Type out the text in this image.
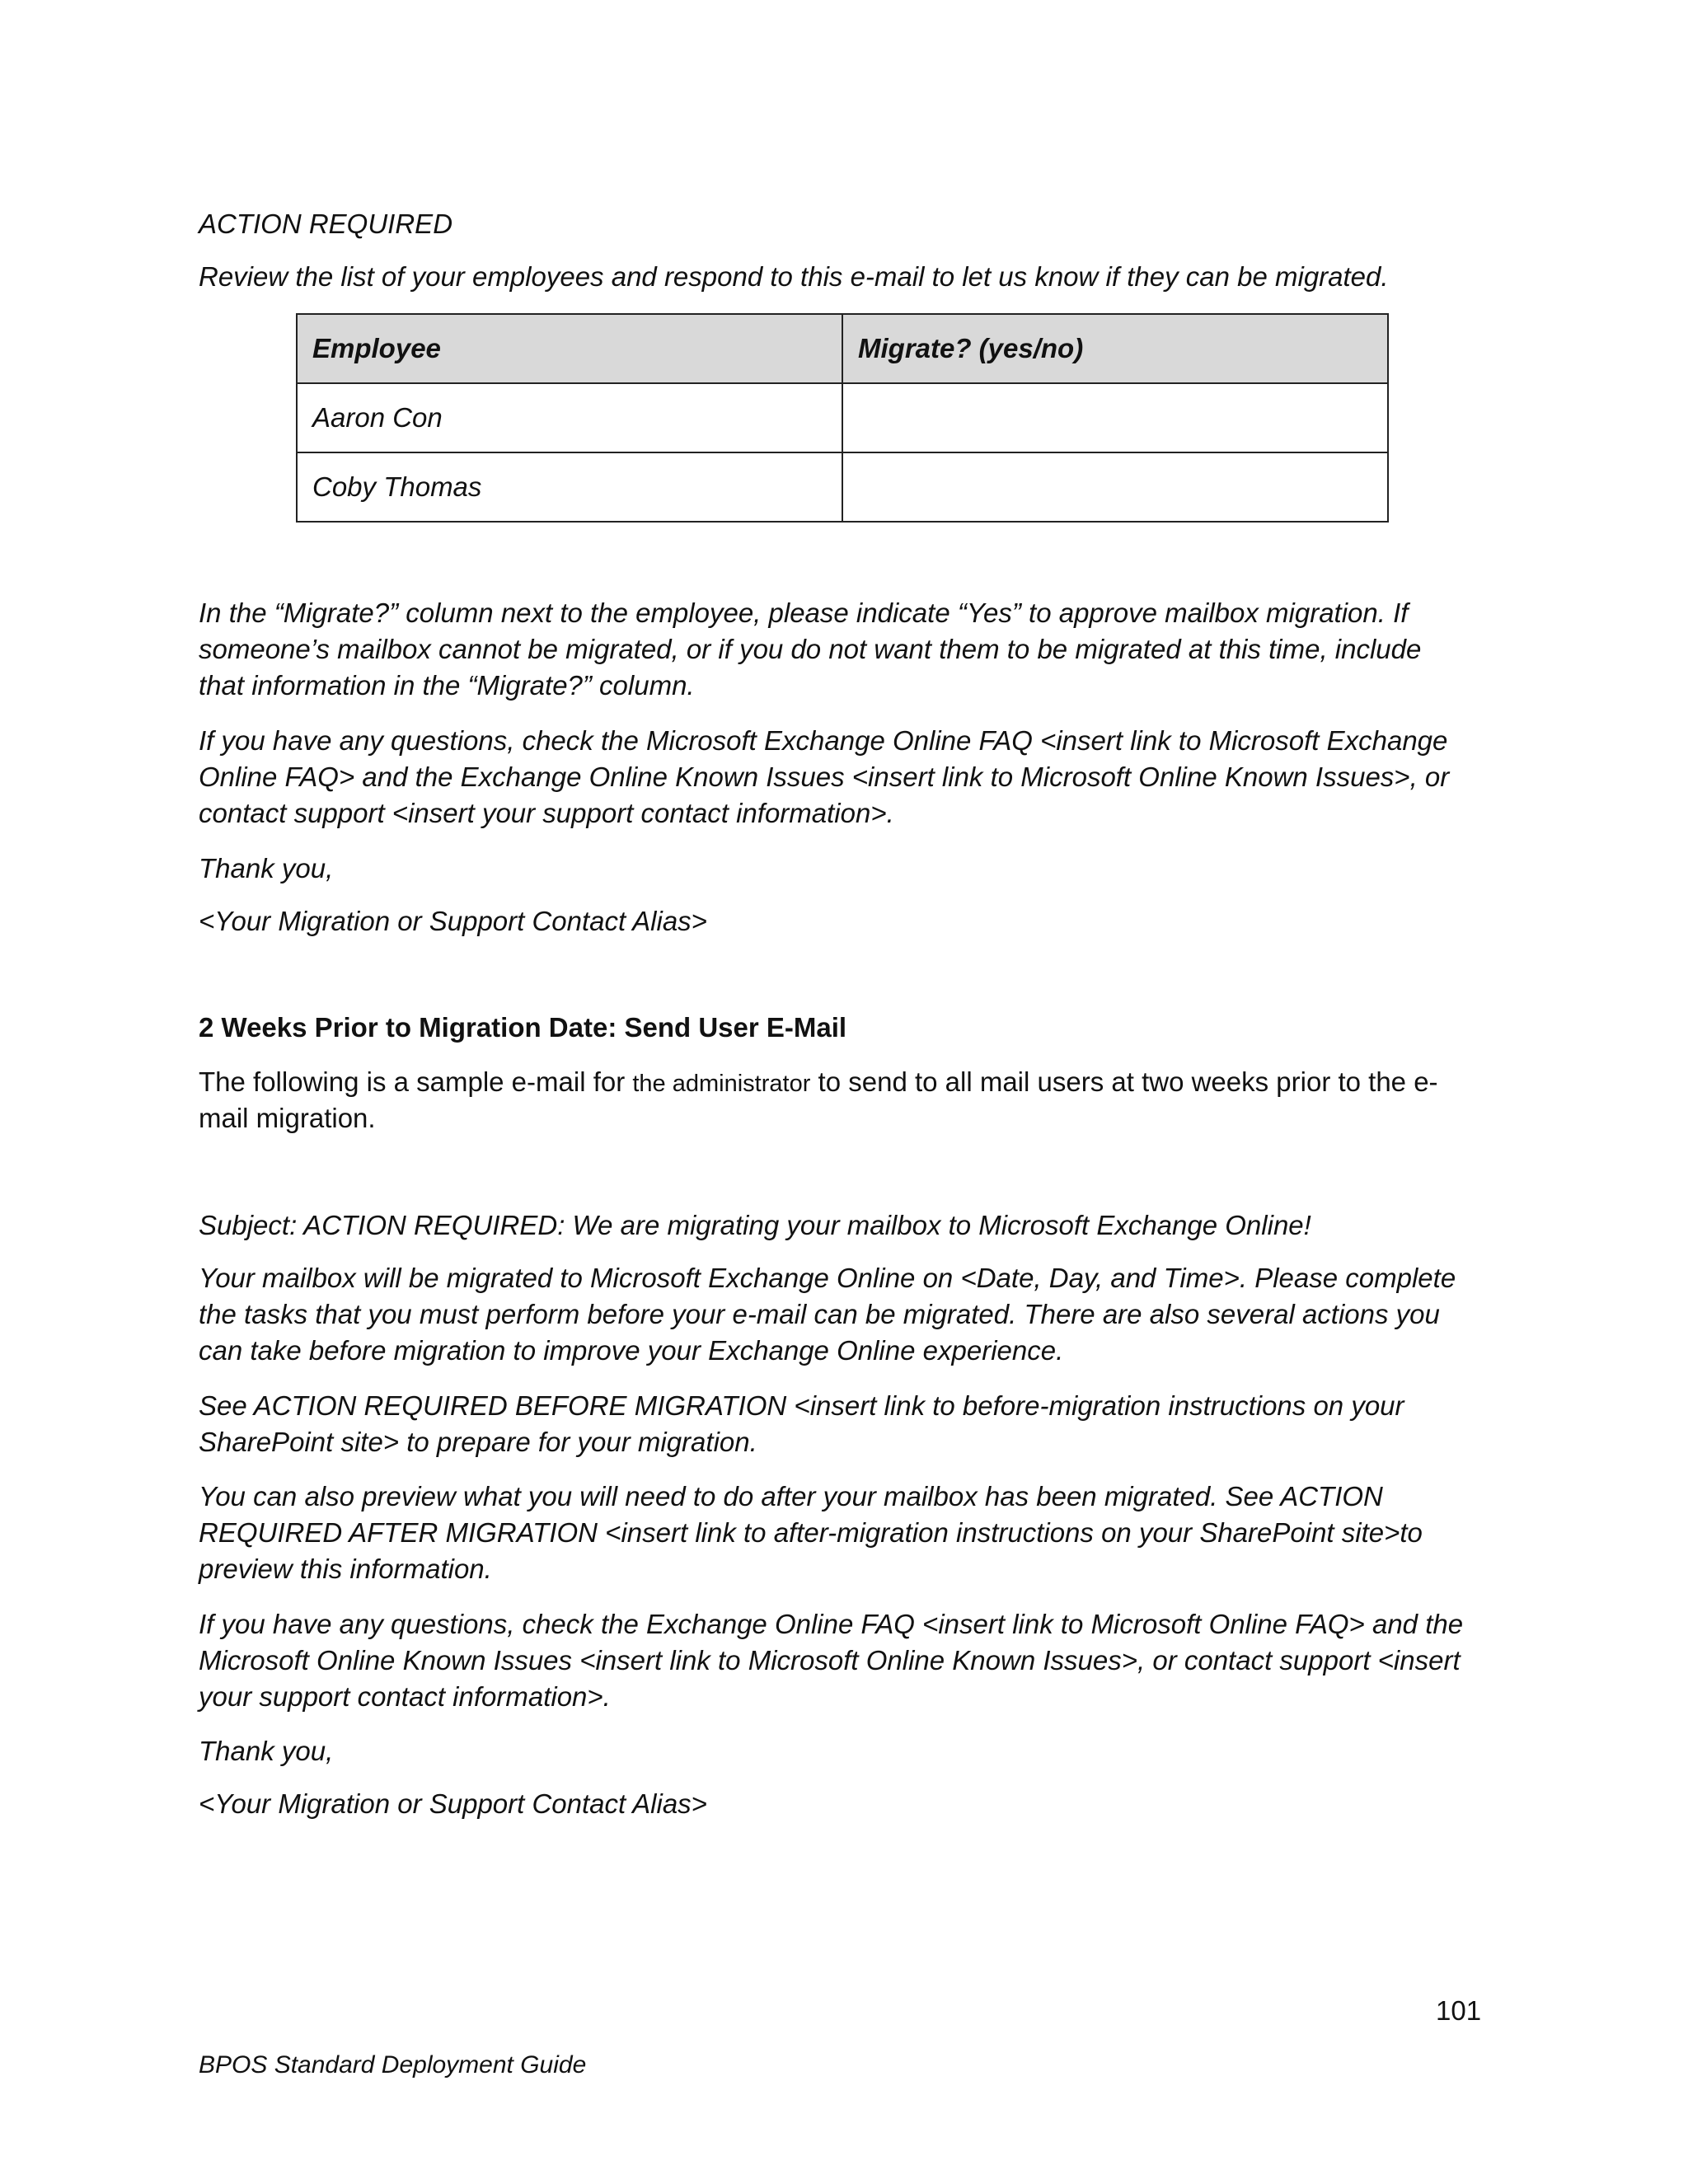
ACTION REQUIRED

Review the list of your employees and respond to this e-mail to let us know if they can be migrated.

Employee	Migrate? (yes/no)
Aaron Con	
Coby Thomas	

In the “Migrate?” column next to the employee, please indicate “Yes” to approve mailbox migration. If

someone’s mailbox cannot be migrated, or if you do not want them to be migrated at this time, include

that information in the “Migrate?” column.

If you have any questions, check the Microsoft Exchange Online FAQ <insert link to Microsoft Exchange

Online FAQ> and the Exchange Online Known Issues <insert link to Microsoft Online Known Issues>, or

contact support <insert your support contact information>.

Thank you,

<Your Migration or Support Contact Alias>

2 Weeks Prior to Migration Date: Send User E-Mail

The following is a sample e-mail for the administrator to send to all mail users at two weeks prior to the e-

mail migration.

Subject: ACTION REQUIRED: We are migrating your mailbox to Microsoft Exchange Online!

Your mailbox will be migrated to Microsoft Exchange Online on <Date, Day, and Time>. Please complete

the tasks that you must perform before your e-mail can be migrated. There are also several actions you

can take before migration to improve your Exchange Online experience.

See ACTION REQUIRED BEFORE MIGRATION <insert link to before-migration instructions on your

SharePoint site> to prepare for your migration.

You can also preview what you will need to do after your mailbox has been migrated. See ACTION

REQUIRED AFTER MIGRATION <insert link to after-migration instructions on your SharePoint site>to

preview this information.

If you have any questions, check the Exchange Online FAQ <insert link to Microsoft Online FAQ> and the

Microsoft Online Known Issues <insert link to Microsoft Online Known Issues>, or contact support <insert

your support contact information>.

Thank you,

<Your Migration or Support Contact Alias>

101
BPOS Standard Deployment Guide
